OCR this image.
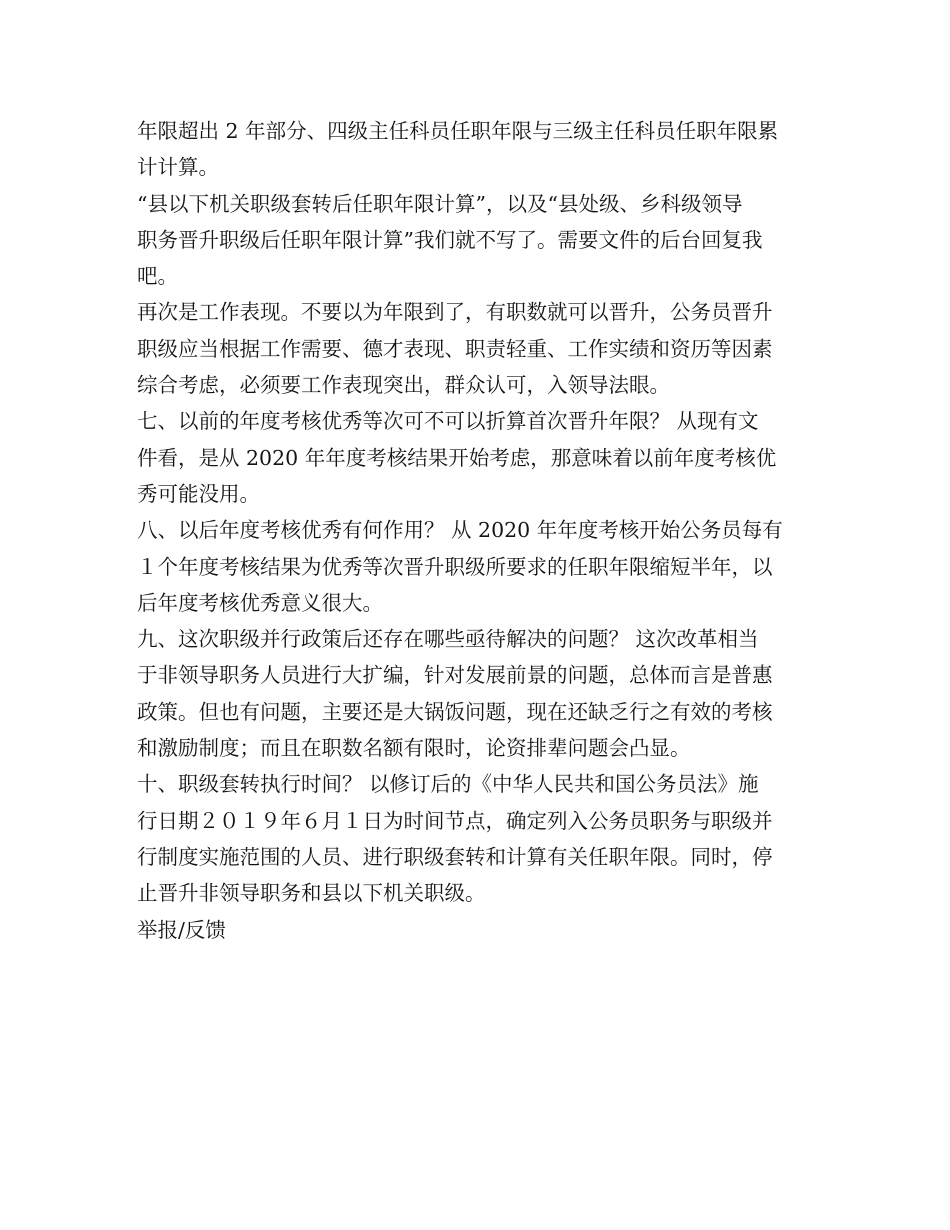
年限超出 2 年部分、四级主任科员任职年限与三级主任科员任职年限累
计计算。

“县以下机关职级套转后任职年限计算”，以及“县处级、乡科级领导
职务晋升职级后任职年限计算”我们就不写了。需要文件的后台回复我
吧。

再次是工作表现。不要以为年限到了，有职数就可以晋升，公务员晋升
职级应当根据工作需要、德才表现、职责轻重、工作实绩和资历等因素
综合考虑，必须要工作表现突出，群众认可，入领导法眼。

七、以前的年度考核优秀等次可不可以折算首次晋升年限？ 从现有文
件看，是从 2020 年年度考核结果开始考虑，那意味着以前年度考核优
秀可能没用。

八、以后年度考核优秀有何作用？ 从 2020 年年度考核开始公务员每有
１个年度考核结果为优秀等次晋升职级所要求的任职年限缩短半年，以
后年度考核优秀意义很大。

九、这次职级并行政策后还存在哪些亟待解决的问题？ 这次改革相当
于非领导职务人员进行大扩编，针对发展前景的问题，总体而言是普惠
政策。但也有问题，主要还是大锅饭问题，现在还缺乏行之有效的考核
和激励制度；而且在职数名额有限时，论资排辈问题会凸显。

十、职级套转执行时间？ 以修订后的《中华人民共和国公务员法》施
行日期２０１９年６月１日为时间节点，确定列入公务员职务与职级并
行制度实施范围的人员、进行职级套转和计算有关任职年限。同时，停
止晋升非领导职务和县以下机关职级。

举报/反馈
